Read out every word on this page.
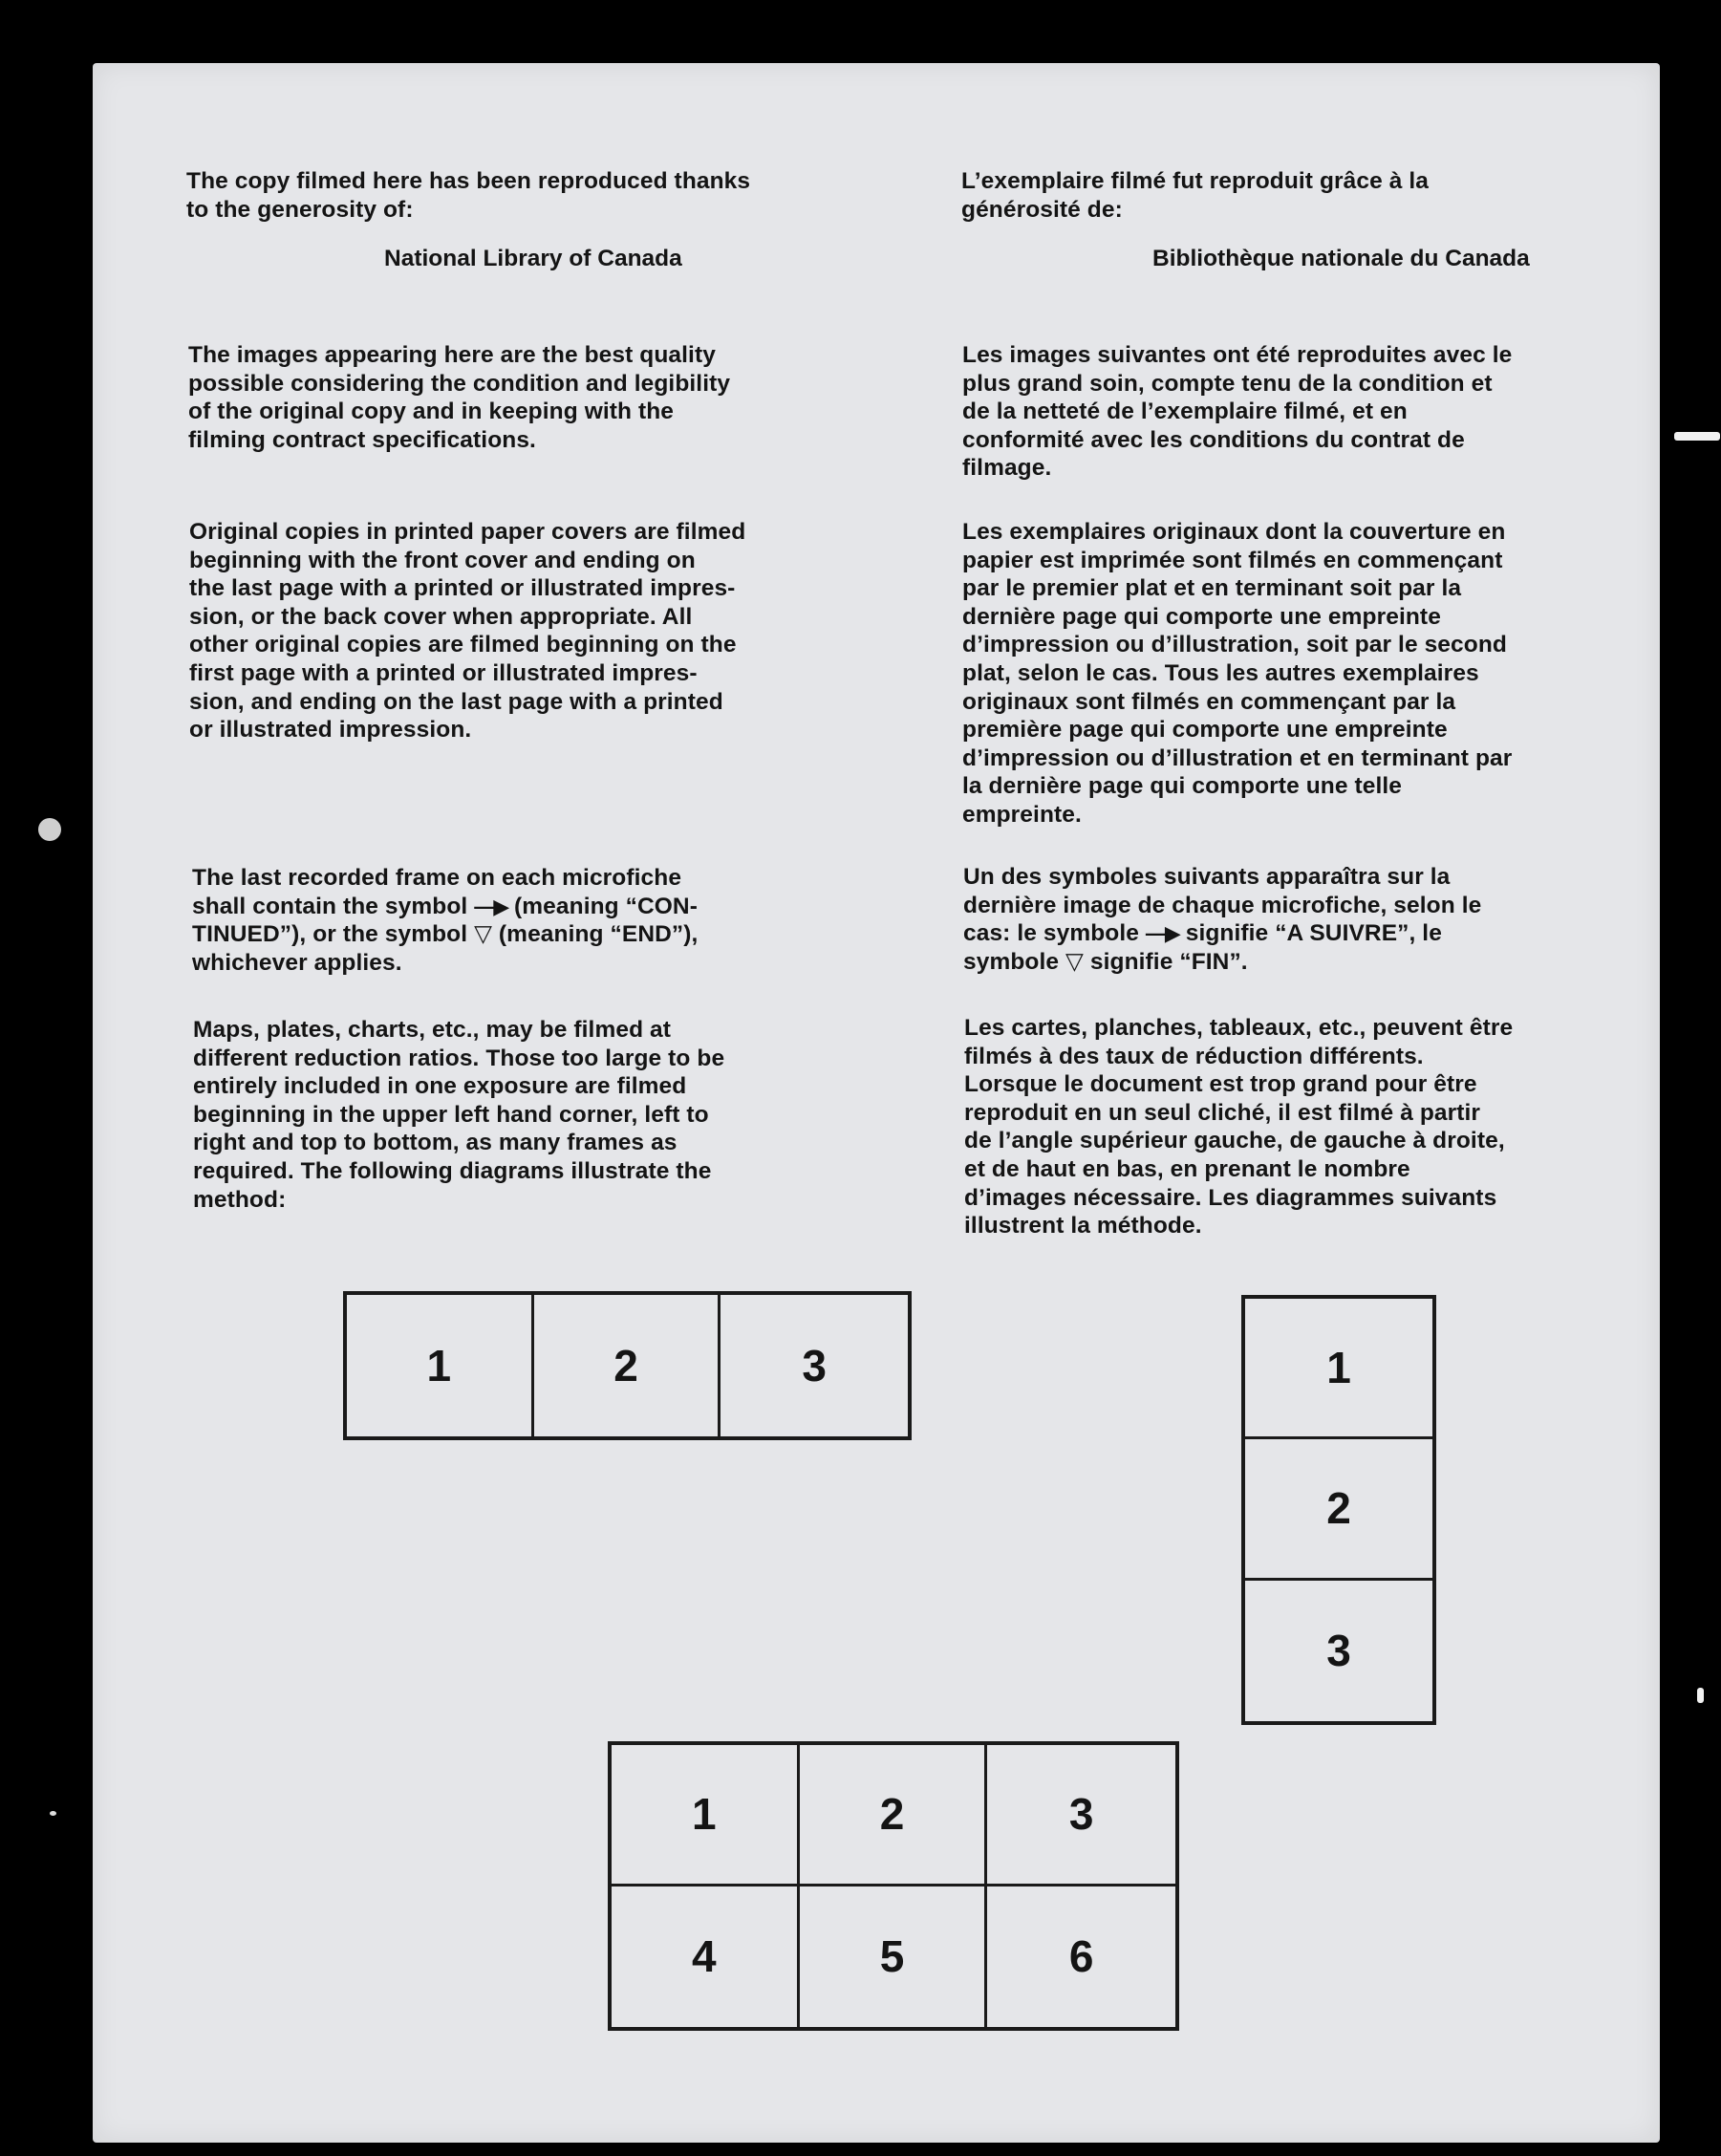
The copy filmed here has been reproduced thanks
to the generosity of:

National Library of Canada

The images appearing here are the best quality
possible considering the condition and legibility
of the original copy and in keeping with the
filming contract specifications.

Original copies in printed paper covers are filmed
beginning with the front cover and ending on
the last page with a printed or illustrated impres-
sion, or the back cover when appropriate. All
other original copies are filmed beginning on the
first page with a printed or illustrated impres-
sion, and ending on the last page with a printed
or illustrated impression.

The last recorded frame on each microfiche
shall contain the symbol —▶ (meaning “CON-
TINUED”), or the symbol ▽ (meaning “END”),
whichever applies.

Maps, plates, charts, etc., may be filmed at
different reduction ratios. Those too large to be
entirely included in one exposure are filmed
beginning in the upper left hand corner, left to
right and top to bottom, as many frames as
required. The following diagrams illustrate the
method:

L’exemplaire filmé fut reproduit grâce à la
générosité de:

Bibliothèque nationale du Canada

Les images suivantes ont été reproduites avec le
plus grand soin, compte tenu de la condition et
de la netteté de l’exemplaire filmé, et en
conformité avec les conditions du contrat de
filmage.

Les exemplaires originaux dont la couverture en
papier est imprimée sont filmés en commençant
par le premier plat et en terminant soit par la
dernière page qui comporte une empreinte
d’impression ou d’illustration, soit par le second
plat, selon le cas. Tous les autres exemplaires
originaux sont filmés en commençant par la
première page qui comporte une empreinte
d’impression ou d’illustration et en terminant par
la dernière page qui comporte une telle
empreinte.

Un des symboles suivants apparaîtra sur la
dernière image de chaque microfiche, selon le
cas: le symbole —▶ signifie “A SUIVRE”, le
symbole ▽ signifie “FIN”.

Les cartes, planches, tableaux, etc., peuvent être
filmés à des taux de réduction différents.
Lorsque le document est trop grand pour être
reproduit en un seul cliché, il est filmé à partir
de l’angle supérieur gauche, de gauche à droite,
et de haut en bas, en prenant le nombre
d’images nécessaire. Les diagrammes suivants
illustrent la méthode.

1	2	3	1
2
3
1	2	3
4	5	6
